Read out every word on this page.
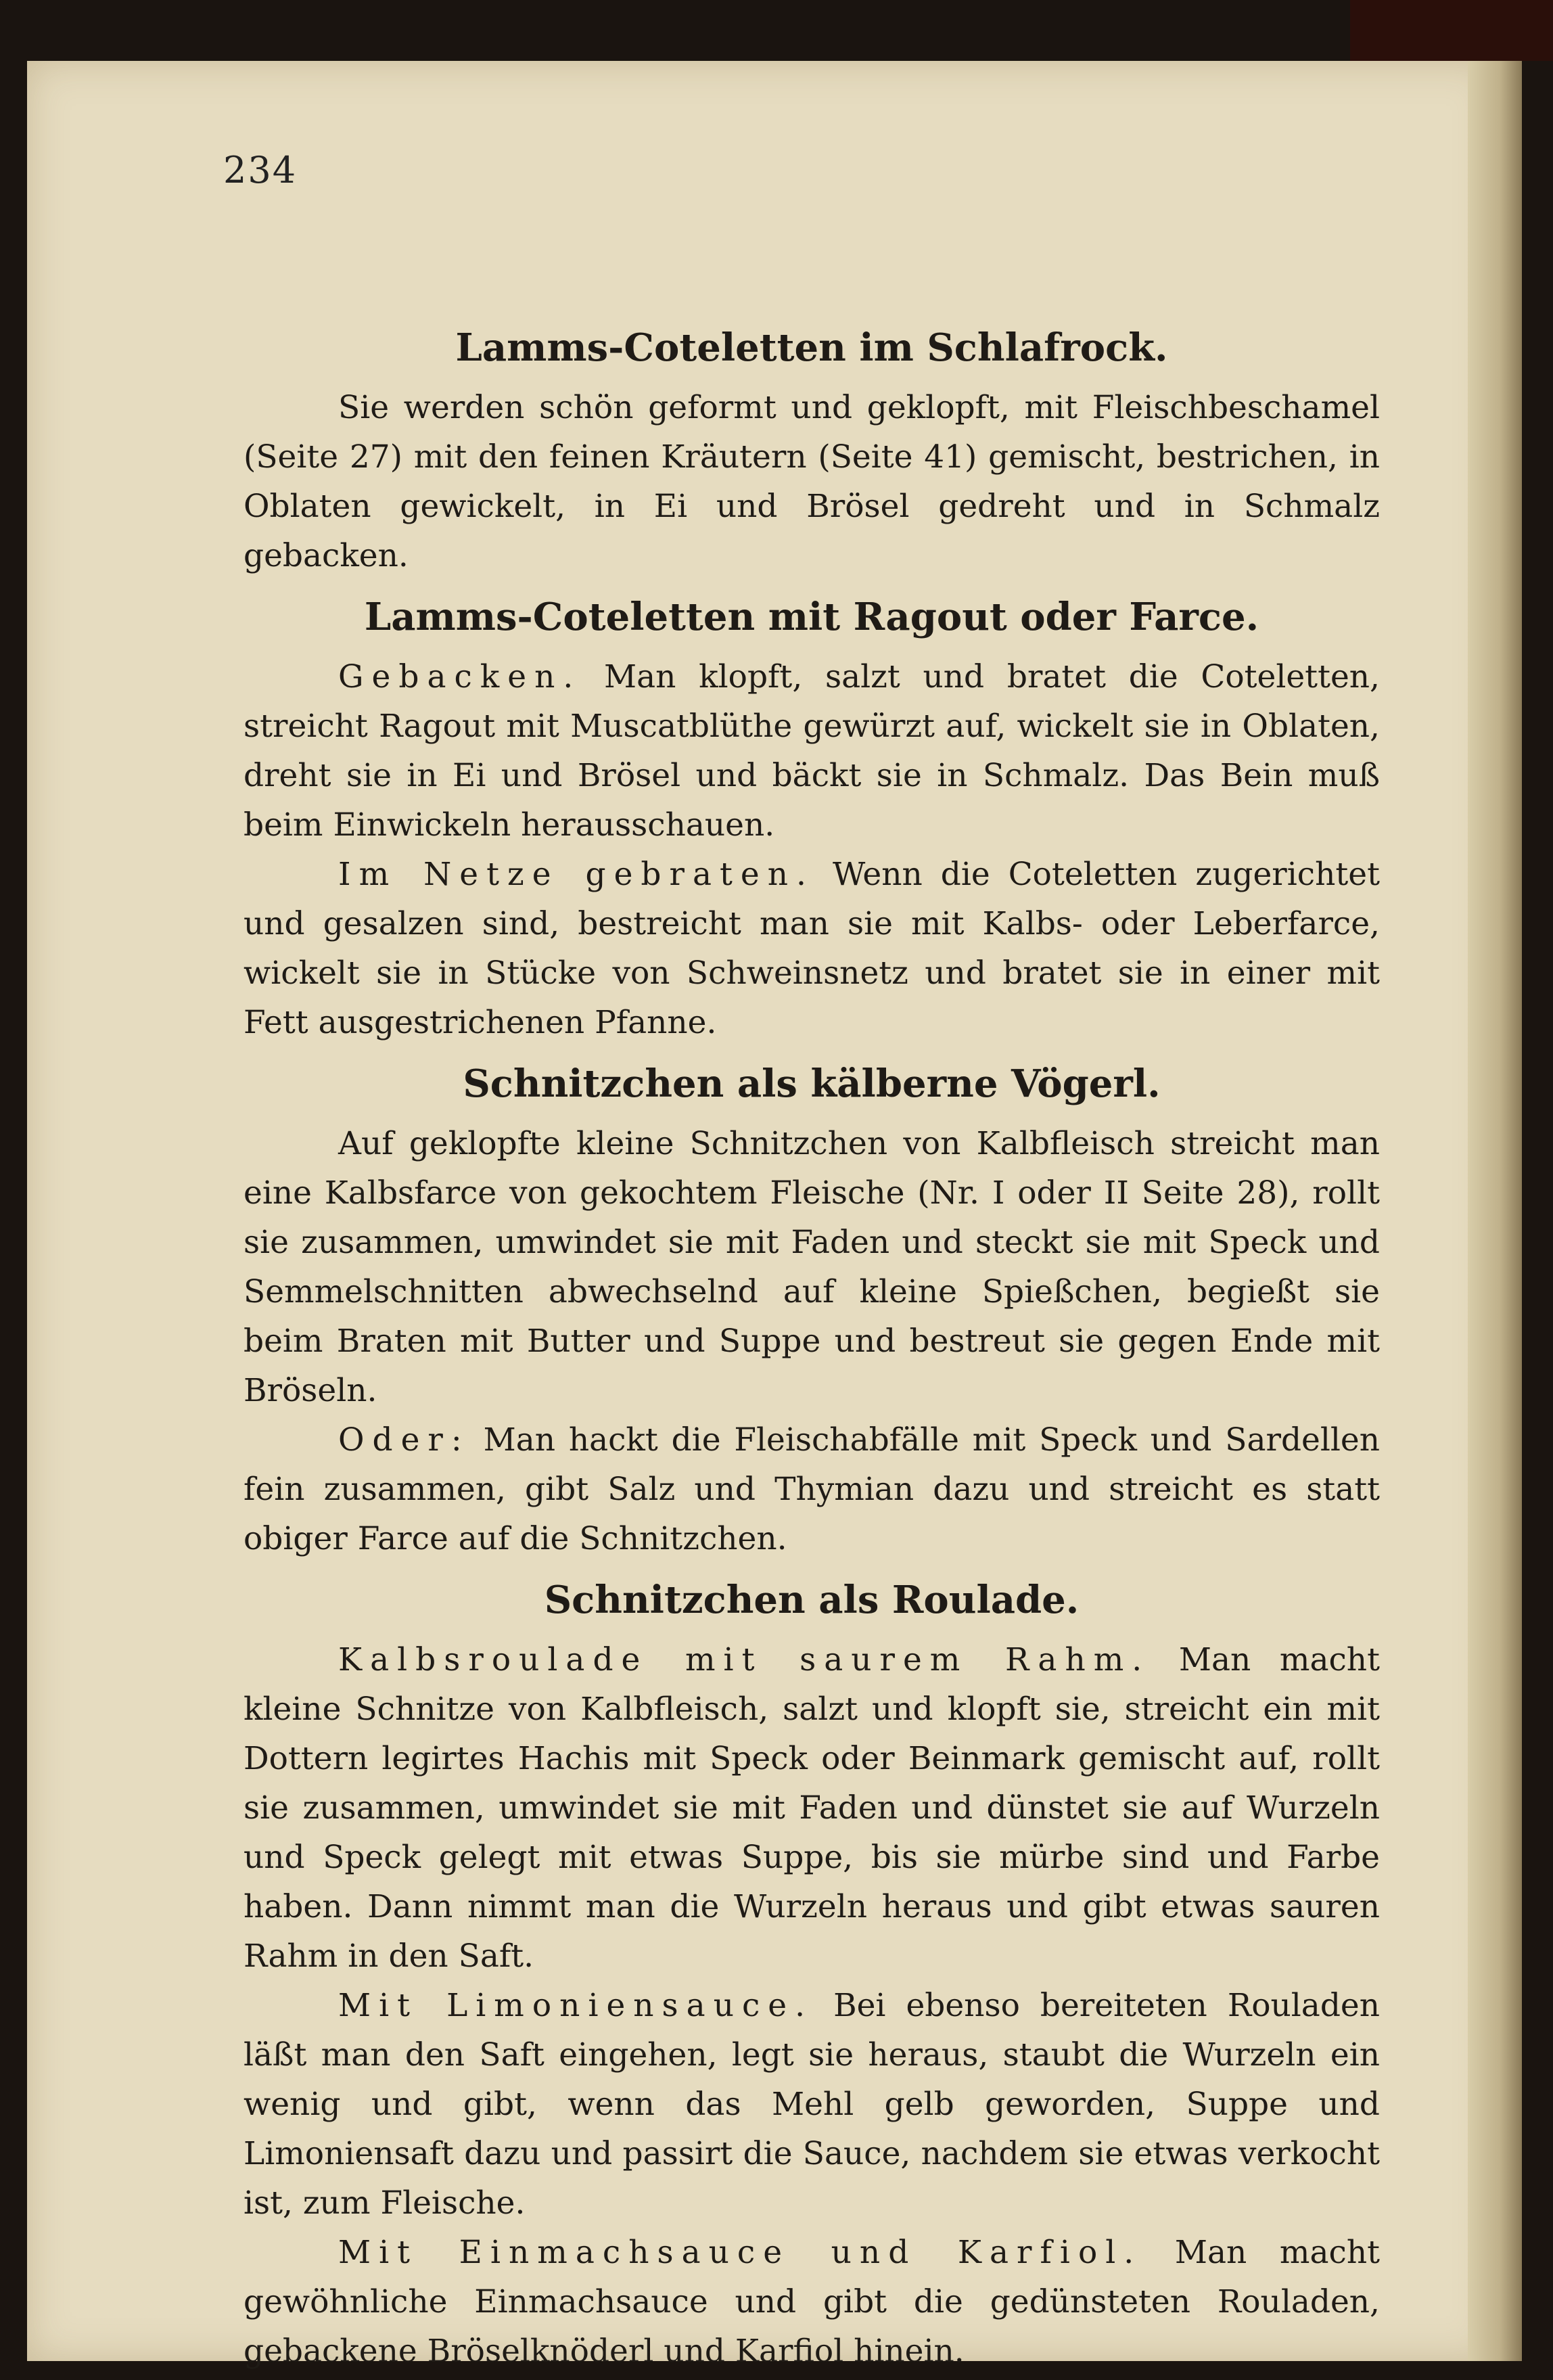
234
Lamms-Coteletten im Schlafrock.

Sie werden schön geformt und geklopft, mit Fleischbeschamel (Seite 27) mit den feinen Kräutern (Seite 41) gemischt, bestrichen, in Oblaten gewickelt, in Ei und Brösel gedreht und in Schmalz gebacken.

Lamms-Coteletten mit Ragout oder Farce.

Gebacken. Man klopft, salzt und bratet die Coteletten, streicht Ragout mit Muscatblüthe gewürzt auf, wickelt sie in Oblaten, dreht sie in Ei und Brösel und bäckt sie in Schmalz. Das Bein muß beim Einwickeln herausschauen.

Im Netze gebraten. Wenn die Coteletten zugerichtet und gesalzen sind, bestreicht man sie mit Kalbs- oder Leberfarce, wickelt sie in Stücke von Schweinsnetz und bratet sie in einer mit Fett ausgestrichenen Pfanne.

Schnitzchen als kälberne Vögerl.

Auf geklopfte kleine Schnitzchen von Kalbfleisch streicht man eine Kalbsfarce von gekochtem Fleische (Nr. I oder II Seite 28), rollt sie zusammen, umwindet sie mit Faden und steckt sie mit Speck und Semmelschnitten abwechselnd auf kleine Spießchen, begießt sie beim Braten mit Butter und Suppe und bestreut sie gegen Ende mit Bröseln.

Oder: Man hackt die Fleischabfälle mit Speck und Sardellen fein zusammen, gibt Salz und Thymian dazu und streicht es statt obiger Farce auf die Schnitzchen.

Schnitzchen als Roulade.

Kalbsroulade mit saurem Rahm. Man macht kleine Schnitze von Kalbfleisch, salzt und klopft sie, streicht ein mit Dottern legirtes Hachis mit Speck oder Beinmark gemischt auf, rollt sie zusammen, umwindet sie mit Faden und dünstet sie auf Wurzeln und Speck gelegt mit etwas Suppe, bis sie mürbe sind und Farbe haben. Dann nimmt man die Wurzeln heraus und gibt etwas sauren Rahm in den Saft.

Mit Limoniensauce. Bei ebenso bereiteten Rouladen läßt man den Saft eingehen, legt sie heraus, staubt die Wurzeln ein wenig und gibt, wenn das Mehl gelb geworden, Suppe und Limoniensaft dazu und passirt die Sauce, nachdem sie etwas verkocht ist, zum Fleische.

Mit Einmachsauce und Karfiol. Man macht gewöhnliche Einmachsauce und gibt die gedünsteten Rouladen, gebackene Bröselknöderl und Karfiol hinein.
